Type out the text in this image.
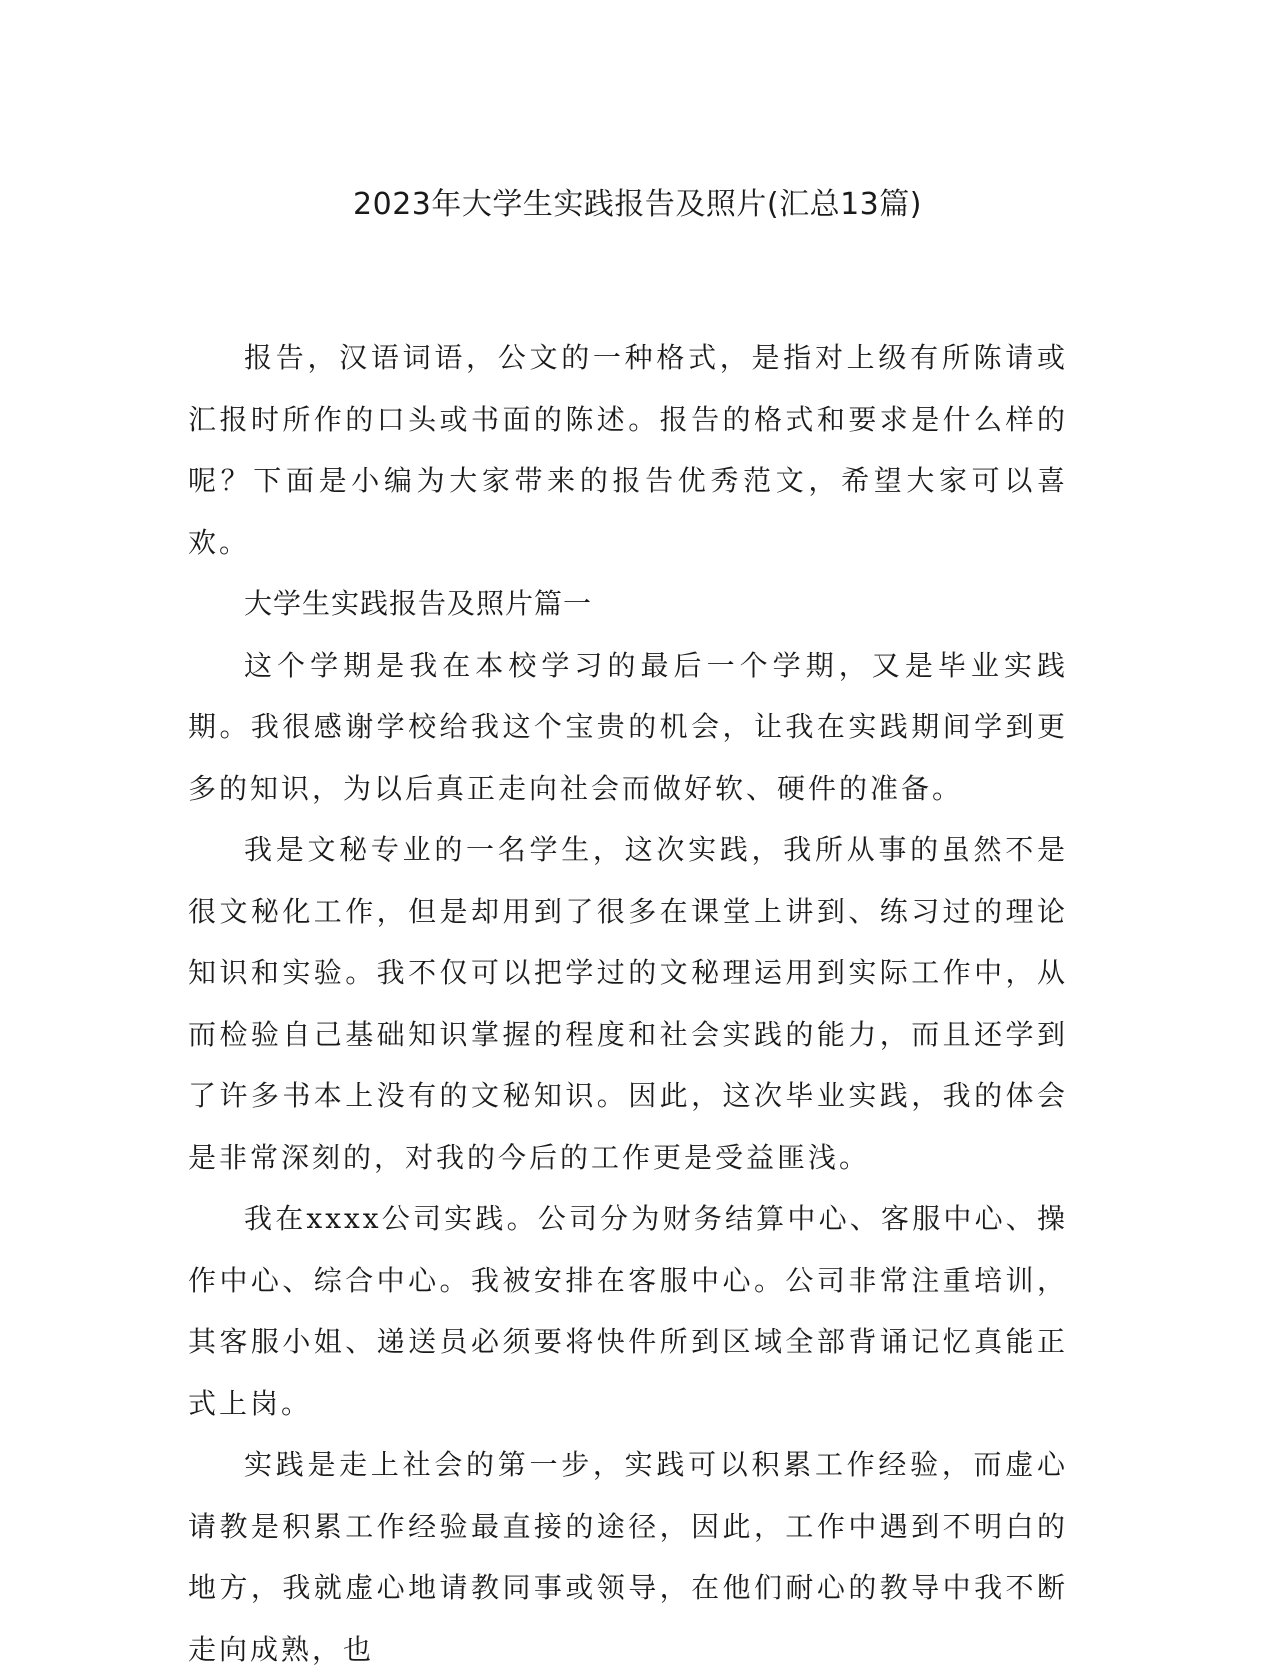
2023年大学生实践报告及照片(汇总13篇)

报告，汉语词语，公文的一种格式，是指对上级有所陈请或汇报时所作的口头或书面的陈述。报告的格式和要求是什么样的呢？下面是小编为大家带来的报告优秀范文，希望大家可以喜欢。

大学生实践报告及照片篇一

这个学期是我在本校学习的最后一个学期，又是毕业实践期。我很感谢学校给我这个宝贵的机会，让我在实践期间学到更多的知识，为以后真正走向社会而做好软、硬件的准备。

我是文秘专业的一名学生，这次实践，我所从事的虽然不是很文秘化工作，但是却用到了很多在课堂上讲到、练习过的理论知识和实验。我不仅可以把学过的文秘理运用到实际工作中，从而检验自己基础知识掌握的程度和社会实践的能力，而且还学到了许多书本上没有的文秘知识。因此，这次毕业实践，我的体会是非常深刻的，对我的今后的工作更是受益匪浅。

我在xxxx公司实践。公司分为财务结算中心、客服中心、操作中心、综合中心。我被安排在客服中心。公司非常注重培训，其客服小姐、递送员必须要将快件所到区域全部背诵记忆真能正式上岗。

实践是走上社会的第一步，实践可以积累工作经验，而虚心请教是积累工作经验最直接的途径，因此，工作中遇到不明白的地方，我就虚心地请教同事或领导，在他们耐心的教导中我不断走向成熟，也
